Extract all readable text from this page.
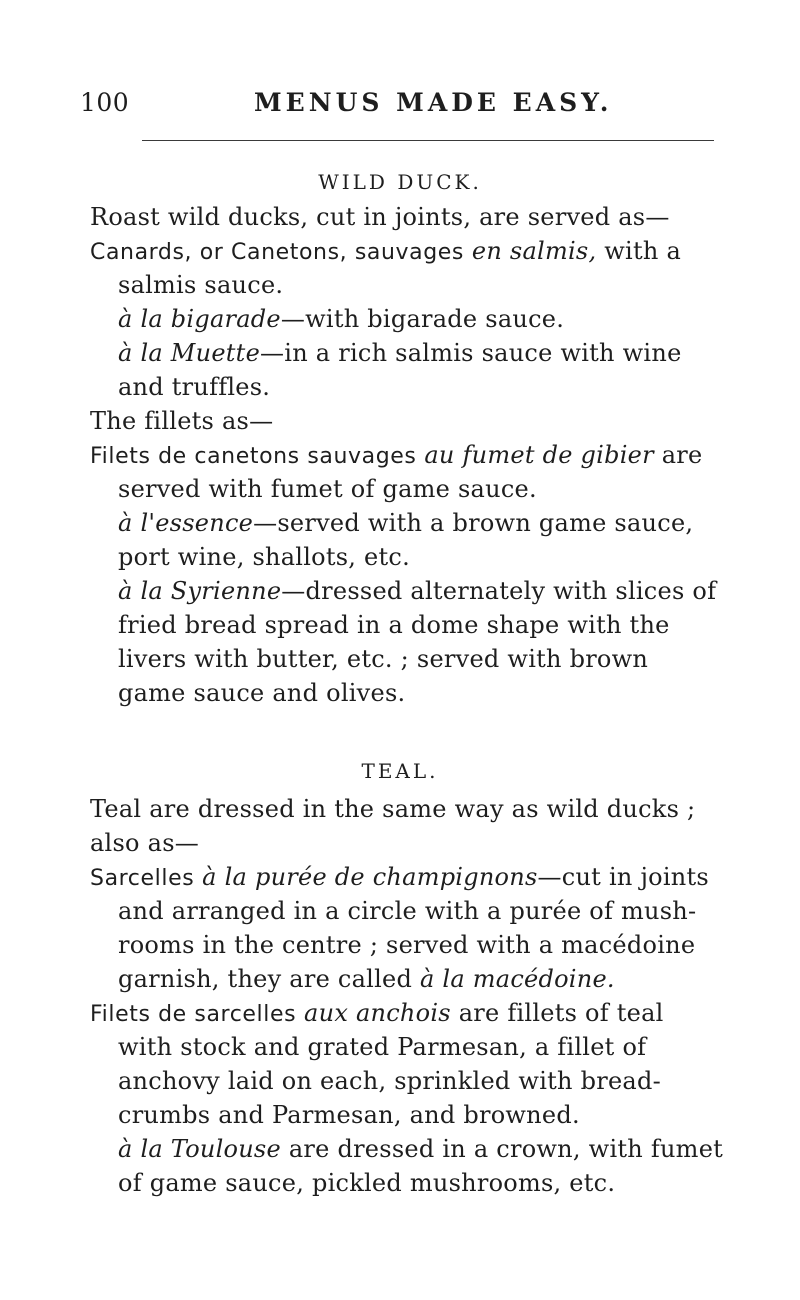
100	MENUS MADE EASY.
WILD DUCK.
Roast wild ducks, cut in joints, are served as—
Canards, or Canetons, sauvages en salmis, with a
salmis sauce.
à la bigarade—with bigarade sauce.
à la Muette—in a rich salmis sauce with wine
and truffles.
The fillets as—
Filets de canetons sauvages au fumet de gibier are
served with fumet of game sauce.
à l'essence—served with a brown game sauce,
port wine, shallots, etc.
à la Syrienne—dressed alternately with slices of
fried bread spread in a dome shape with the
livers with butter, etc. ; served with brown
game sauce and olives.
TEAL.
Teal are dressed in the same way as wild ducks ;
also as—
Sarcelles à la purée de champignons—cut in joints
and arranged in a circle with a purée of mush-
rooms in the centre ; served with a macédoine
garnish, they are called à la macédoine.
Filets de sarcelles aux anchois are fillets of teal
with stock and grated Parmesan, a fillet of
anchovy laid on each, sprinkled with bread-
crumbs and Parmesan, and browned.
à la Toulouse are dressed in a crown, with fumet
of game sauce, pickled mushrooms, etc.
